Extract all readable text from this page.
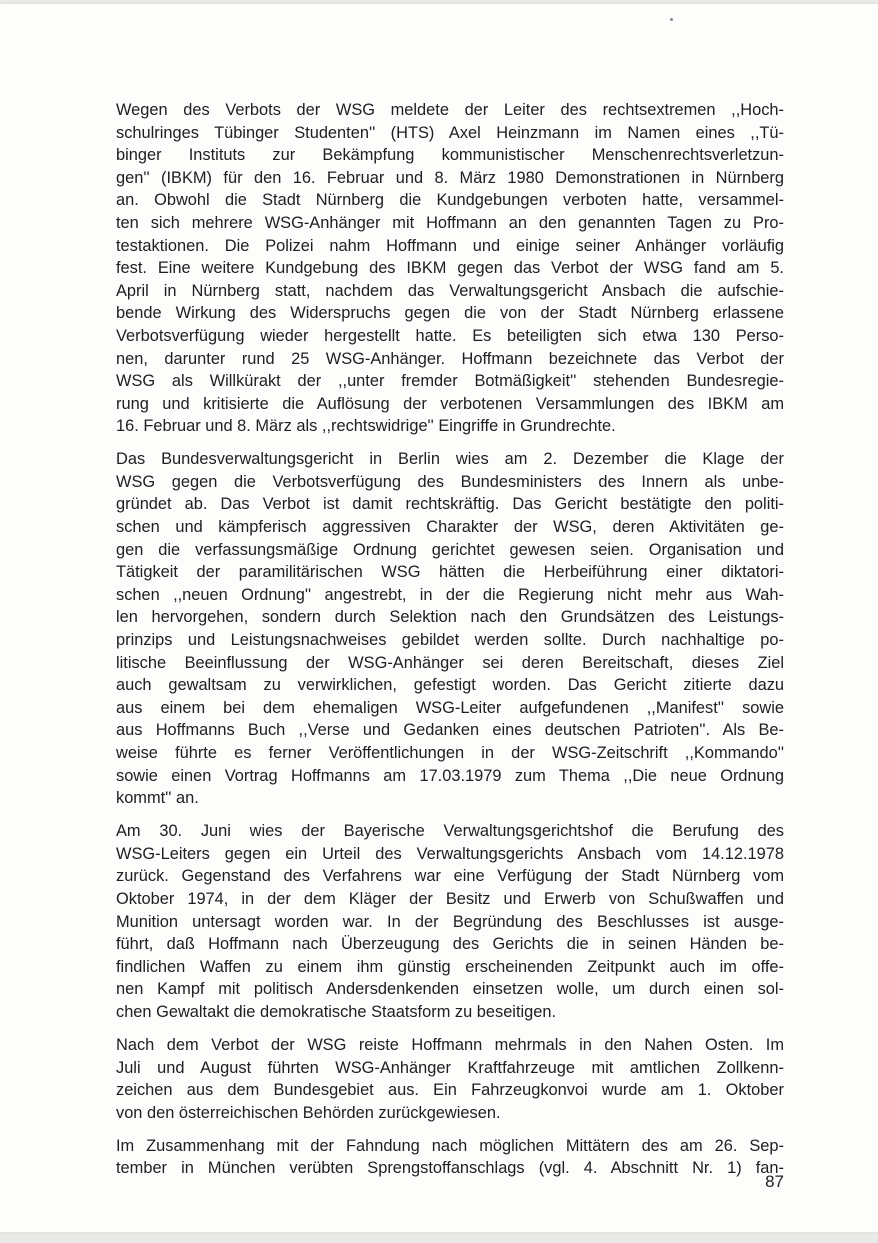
Wegen des Verbots der WSG meldete der Leiter des rechtsextremen ,,Hoch-
schulringes Tübinger Studenten'' (HTS) Axel Heinzmann im Namen eines ,,Tü-
binger Instituts zur Bekämpfung kommunistischer Menschenrechtsverletzun-
gen'' (IBKM) für den 16. Februar und 8. März 1980 Demonstrationen in Nürnberg
an. Obwohl die Stadt Nürnberg die Kundgebungen verboten hatte, versammel-
ten sich mehrere WSG-Anhänger mit Hoffmann an den genannten Tagen zu Pro-
testaktionen. Die Polizei nahm Hoffmann und einige seiner Anhänger vorläufig
fest. Eine weitere Kundgebung des IBKM gegen das Verbot der WSG fand am 5.
April in Nürnberg statt, nachdem das Verwaltungsgericht Ansbach die aufschie-
bende Wirkung des Widerspruchs gegen die von der Stadt Nürnberg erlassene
Verbotsverfügung wieder hergestellt hatte. Es beteiligten sich etwa 130 Perso-
nen, darunter rund 25 WSG-Anhänger. Hoffmann bezeichnete das Verbot der
WSG als Willkürakt der ,,unter fremder Botmäßigkeit'' stehenden Bundesregie-
rung und kritisierte die Auflösung der verbotenen Versammlungen des IBKM am
16. Februar und 8. März als ,,rechtswidrige'' Eingriffe in Grundrechte.
Das Bundesverwaltungsgericht in Berlin wies am 2. Dezember die Klage der
WSG gegen die Verbotsverfügung des Bundesministers des Innern als unbe-
gründet ab. Das Verbot ist damit rechtskräftig. Das Gericht bestätigte den politi-
schen und kämpferisch aggressiven Charakter der WSG, deren Aktivitäten ge-
gen die verfassungsmäßige Ordnung gerichtet gewesen seien. Organisation und
Tätigkeit der paramilitärischen WSG hätten die Herbeiführung einer diktatori-
schen ,,neuen Ordnung'' angestrebt, in der die Regierung nicht mehr aus Wah-
len hervorgehen, sondern durch Selektion nach den Grundsätzen des Leistungs-
prinzips und Leistungsnachweises gebildet werden sollte. Durch nachhaltige po-
litische Beeinflussung der WSG-Anhänger sei deren Bereitschaft, dieses Ziel
auch gewaltsam zu verwirklichen, gefestigt worden. Das Gericht zitierte dazu
aus einem bei dem ehemaligen WSG-Leiter aufgefundenen ,,Manifest'' sowie
aus Hoffmanns Buch ,,Verse und Gedanken eines deutschen Patrioten''. Als Be-
weise führte es ferner Veröffentlichungen in der WSG-Zeitschrift ,,Kommando''
sowie einen Vortrag Hoffmanns am 17.03.1979 zum Thema ,,Die neue Ordnung
kommt'' an.
Am 30. Juni wies der Bayerische Verwaltungsgerichtshof die Berufung des
WSG-Leiters gegen ein Urteil des Verwaltungsgerichts Ansbach vom 14.12.1978
zurück. Gegenstand des Verfahrens war eine Verfügung der Stadt Nürnberg vom
Oktober 1974, in der dem Kläger der Besitz und Erwerb von Schußwaffen und
Munition untersagt worden war. In der Begründung des Beschlusses ist ausge-
führt, daß Hoffmann nach Überzeugung des Gerichts die in seinen Händen be-
findlichen Waffen zu einem ihm günstig erscheinenden Zeitpunkt auch im offe-
nen Kampf mit politisch Andersdenkenden einsetzen wolle, um durch einen sol-
chen Gewaltakt die demokratische Staatsform zu beseitigen.
Nach dem Verbot der WSG reiste Hoffmann mehrmals in den Nahen Osten. Im
Juli und August führten WSG-Anhänger Kraftfahrzeuge mit amtlichen Zollkenn-
zeichen aus dem Bundesgebiet aus. Ein Fahrzeugkonvoi wurde am 1. Oktober
von den österreichischen Behörden zurückgewiesen.
Im Zusammenhang mit der Fahndung nach möglichen Mittätern des am 26. Sep-
tember in München verübten Sprengstoffanschlags (vgl. 4. Abschnitt Nr. 1) fan-
87
